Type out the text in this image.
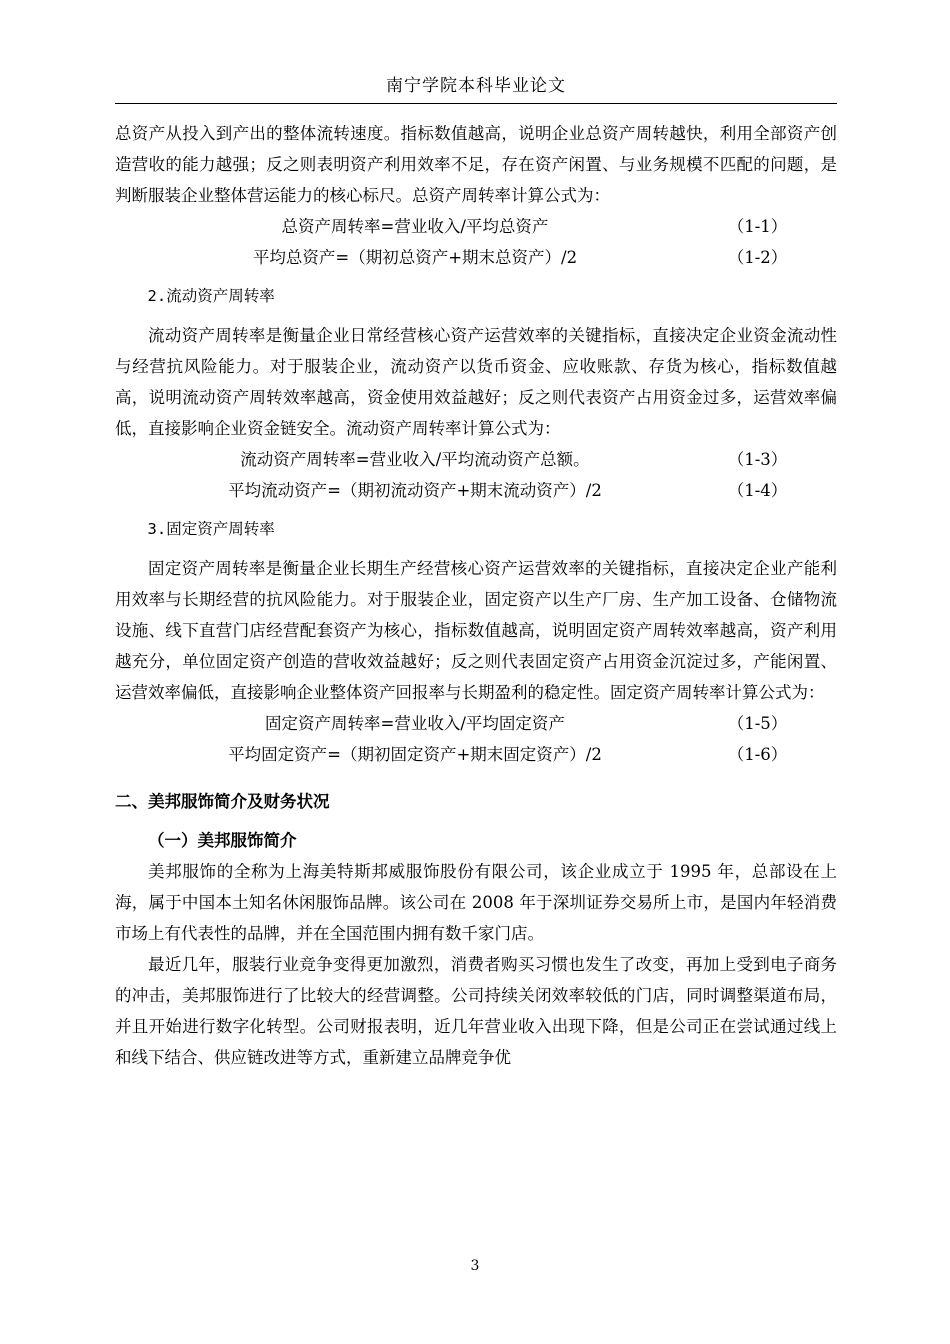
南宁学院本科毕业论文

总资产从投入到产出的整体流转速度。指标数值越高，说明企业总资产周转越快，利用全部资产创造营收的能力越强；反之则表明资产利用效率不足，存在资产闲置、与业务规模不匹配的问题，是判断服装企业整体营运能力的核心标尺。总资产周转率计算公式为：

总资产周转率=营业收入/平均总资产	（1-1）
平均总资产=（期初总资产+期末总资产）/2	（1-2）

2.流动资产周转率

流动资产周转率是衡量企业日常经营核心资产运营效率的关键指标，直接决定企业资金流动性与经营抗风险能力。对于服装企业，流动资产以货币资金、应收账款、存货为核心，指标数值越高，说明流动资产周转效率越高，资金使用效益越好；反之则代表资产占用资金过多，运营效率偏低，直接影响企业资金链安全。流动资产周转率计算公式为：

流动资产周转率=营业收入/平均流动资产总额。	（1-3）
平均流动资产=（期初流动资产+期末流动资产）/2	（1-4）

3.固定资产周转率

固定资产周转率是衡量企业长期生产经营核心资产运营效率的关键指标，直接决定企业产能利用效率与长期经营的抗风险能力。对于服装企业，固定资产以生产厂房、生产加工设备、仓储物流设施、线下直营门店经营配套资产为核心，指标数值越高，说明固定资产周转效率越高，资产利用越充分，单位固定资产创造的营收效益越好；反之则代表固定资产占用资金沉淀过多，产能闲置、运营效率偏低，直接影响企业整体资产回报率与长期盈利的稳定性。固定资产周转率计算公式为：

固定资产周转率=营业收入/平均固定资产	（1-5）
平均固定资产=（期初固定资产+期末固定资产）/2	（1-6）

二、美邦服饰简介及财务状况

（一）美邦服饰简介

美邦服饰的全称为上海美特斯邦威服饰股份有限公司，该企业成立于 1995 年，总部设在上海，属于中国本土知名休闲服饰品牌。该公司在 2008 年于深圳证券交易所上市，是国内年轻消费市场上有代表性的品牌，并在全国范围内拥有数千家门店。

最近几年，服装行业竞争变得更加激烈，消费者购买习惯也发生了改变，再加上受到电子商务的冲击，美邦服饰进行了比较大的经营调整。公司持续关闭效率较低的门店，同时调整渠道布局，并且开始进行数字化转型。公司财报表明，近几年营业收入出现下降，但是公司正在尝试通过线上和线下结合、供应链改进等方式，重新建立品牌竞争优

3
